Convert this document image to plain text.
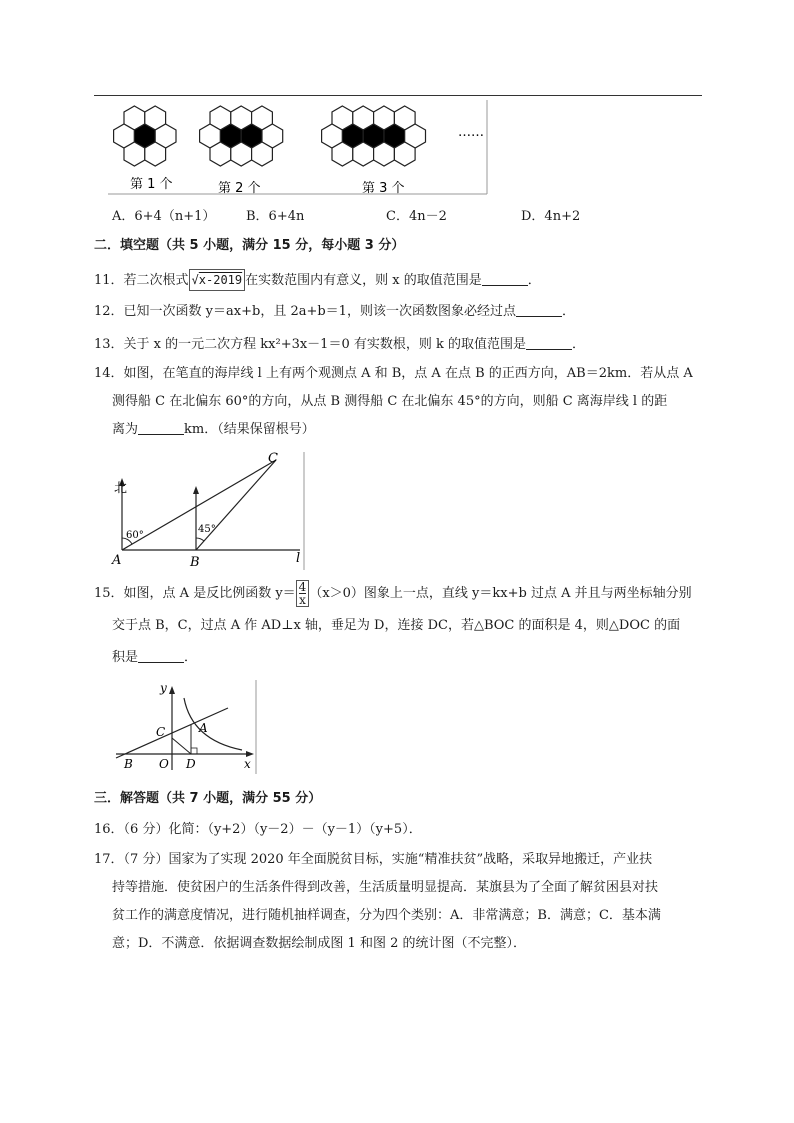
第 1 个	第 2 个	第 3 个
……
A．6+4（n+1） B．6+4n	C．4n－2	D．4n+2
二．填空题（共 5 小题，满分 15 分，每小题 3 分）
11．若二次根式 √x-2019 在实数范围内有意义，则 x 的取值范围是	．
12．已知一次函数 y＝ax+b，且 2a+b＝1，则该一次函数图象必经过点	．
13．关于 x 的一元二次方程 kx²+3x－1＝0 有实数根，则 k 的取值范围是	．
14．如图，在笔直的海岸线 l 上有两个观测点 A 和 B，点 A 在点 B 的正西方向，AB＝2km．若从点 A
测得船 C 在北偏东 60°的方向，从点 B 测得船 C 在北偏东 45°的方向，则船 C 离海岸线 l 的距
离为	km．（结果保留根号）
北
60°
45°
A	B
C
l
15．如图，点 A 是反比例函数 $y= \frac{4}{x} (x>0)$图象上一点，直线 y＝kx+b 过点 A 并且与两坐标轴分别
交于点 B，C，过点 A 作 AD⊥x 轴，垂足为 D，连接 DC，若△BOC 的面积是 4，则△DOC 的面
积是	．
y
x
A
B
C
D
O
三．解答题（共 7 小题，满分 55 分）
16．（6 分）化简：（y+2）（y－2）－（y－1）（y+5）．
17．（7 分）国家为了实现 2020 年全面脱贫目标，实施“精准扶贫”战略，采取异地搬迁，产业扶
持等措施．使贫困户的生活条件得到改善，生活质量明显提高．某旗县为了全面了解贫困县对扶
贫工作的满意度情况，进行随机抽样调查，分为四个类别：A．非常满意；B．满意；C．基本满
意；D．不满意．依据调查数据绘制成图 1 和图 2 的统计图（不完整）．
